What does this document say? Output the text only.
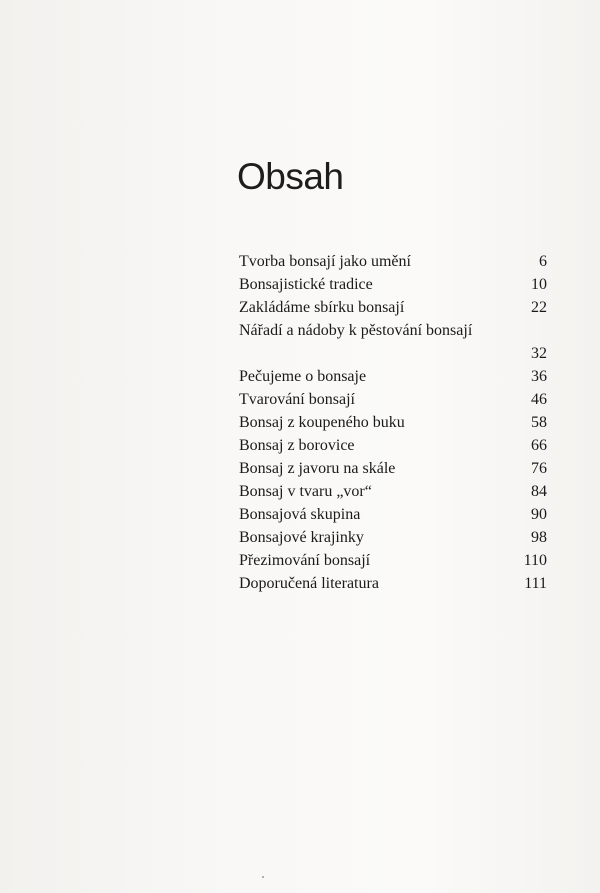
Obsah
Tvorba bonsají jako umění	6
Bonsajistické tradice	10
Zakládáme sbírku bonsají	22
Nářadí a nádoby k pěstování bonsají
32
Pečujeme o bonsaje	36
Tvarování bonsají	46
Bonsaj z koupeného buku	58
Bonsaj z borovice	66
Bonsaj z javoru na skále	76
Bonsaj v tvaru „vor“	84
Bonsajová skupina	90
Bonsajové krajinky	98
Přezimování bonsají	110
Doporučená literatura	111
